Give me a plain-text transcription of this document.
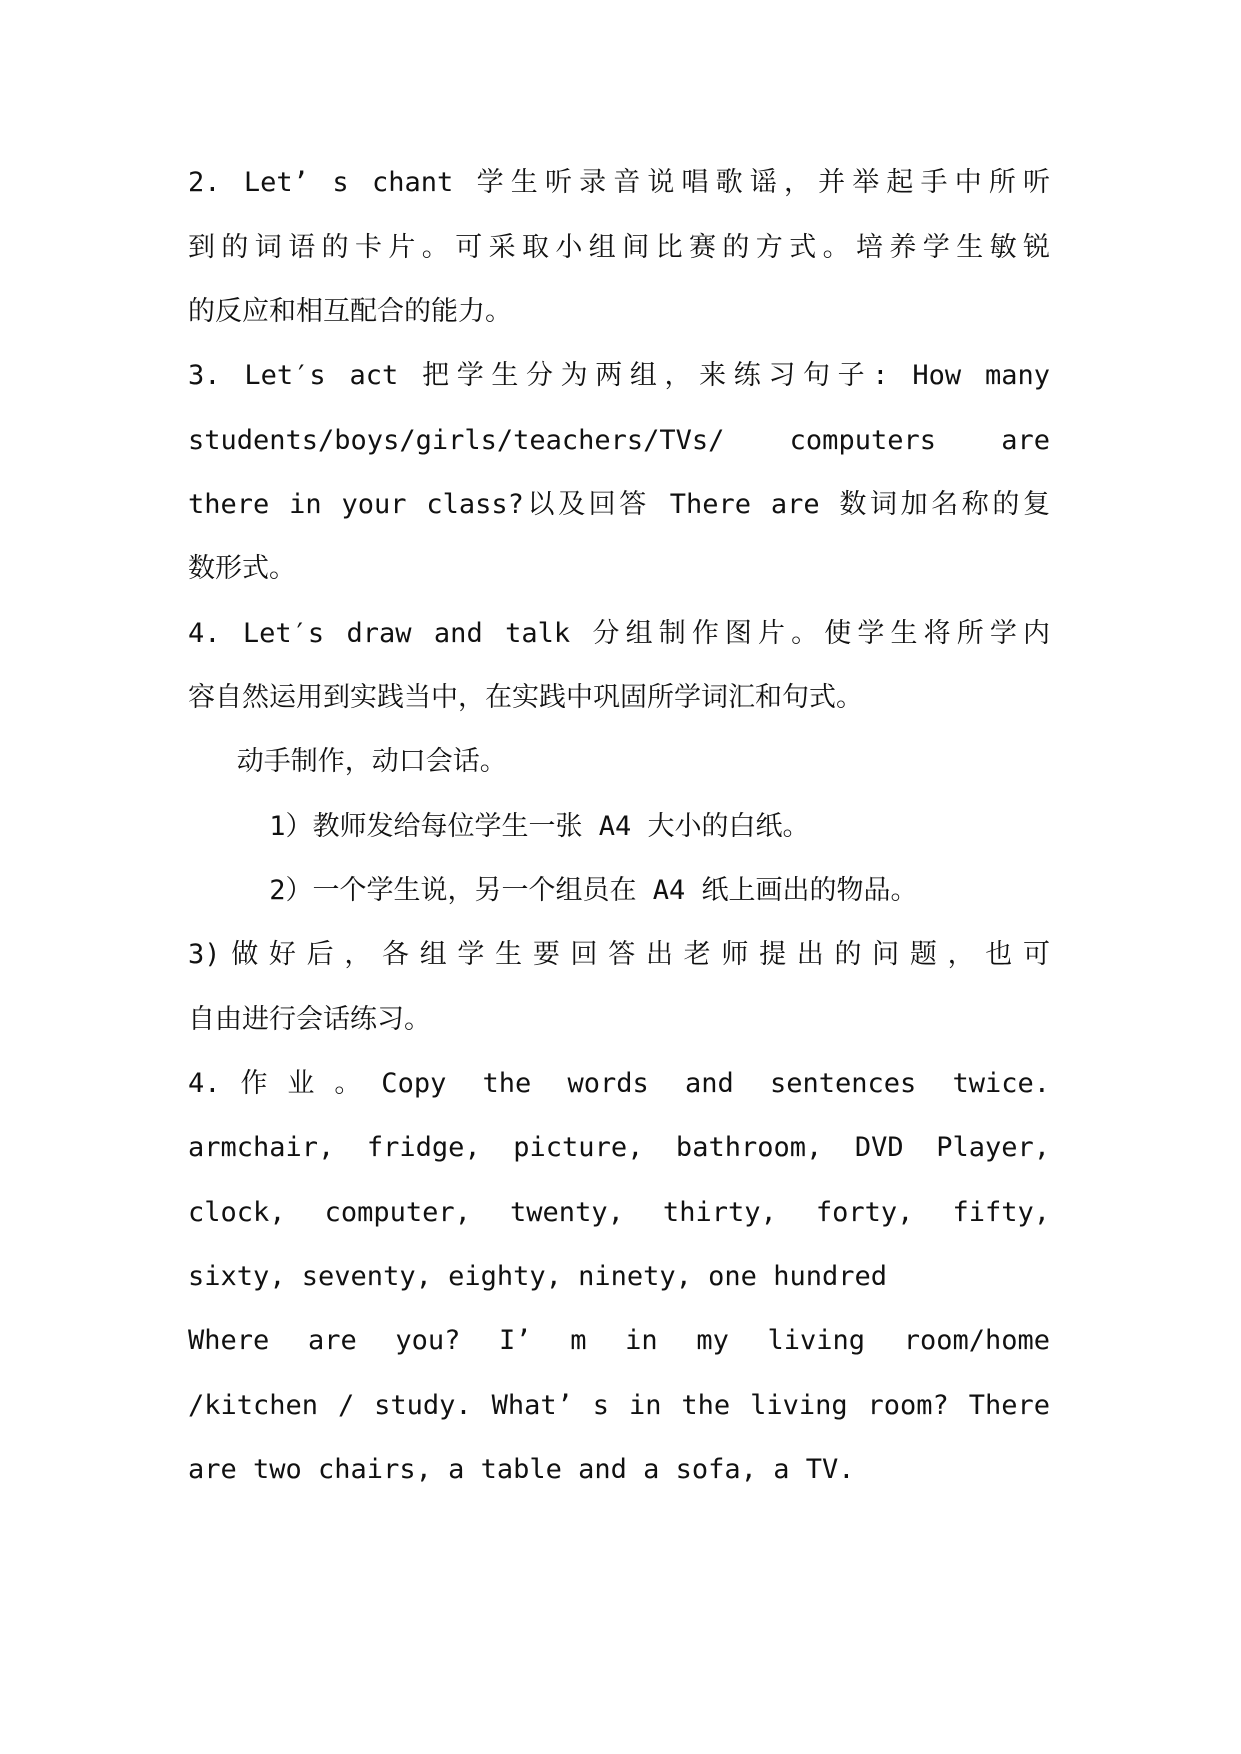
2. Let’ s chant 学生听录音说唱歌谣，并举起手中所听
到的词语的卡片。可采取小组间比赛的方式。培养学生敏锐
的反应和相互配合的能力。
3. Let′s act 把学生分为两组，来练习句子: How many
students/boys/girls/teachers/TVs/ computers are
there in your class?以及回答 There are 数词加名称的复
数形式。
4. Let′s draw and talk 分组制作图片。使学生将所学内
容自然运用到实践当中，在实践中巩固所学词汇和句式。
动手制作，动口会话。
1）教师发给每位学生一张 A4 大小的白纸。
2）一个学生说，另一个组员在 A4 纸上画出的物品。
3)做好后，各组学生要回答出老师提出的问题，也可
自由进行会话练习。
4.作业。Copy the words and sentences twice.
armchair, fridge, picture, bathroom, DVD Player,
clock, computer, twenty, thirty, forty, fifty,
sixty, seventy, eighty, ninety, one hundred
Where are you? I’ m in my living room/home
/kitchen / study. What’ s in the living room? There
are two chairs, a table and a sofa, a TV.
